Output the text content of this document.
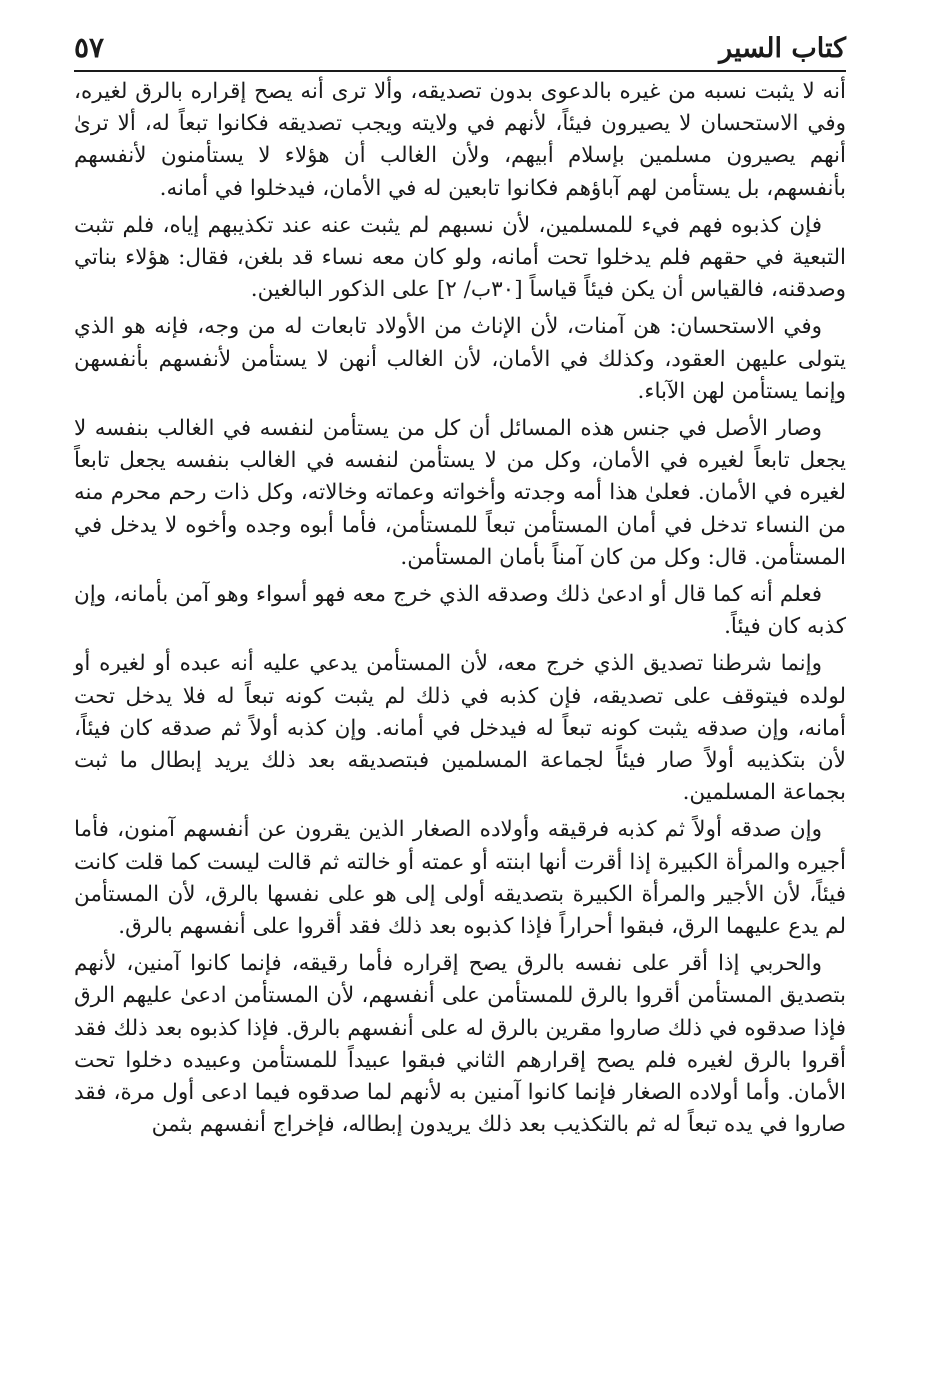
كتاب السير
٥٧

أنه لا يثبت نسبه من غيره بالدعوى بدون تصديقه، وألا ترى أنه يصح إقراره بالرق لغيره، وفي الاستحسان لا يصيرون فيئاً، لأنهم في ولايته ويجب تصديقه فكانوا تبعاً له، ألا ترىٰ أنهم يصيرون مسلمين بإسلام أبيهم، ولأن الغالب أن هؤلاء لا يستأمنون لأنفسهم بأنفسهم، بل يستأمن لهم آباؤهم فكانوا تابعين له في الأمان، فيدخلوا في أمانه.

فإن كذبوه فهم فيء للمسلمين، لأن نسبهم لم يثبت عنه عند تكذيبهم إياه، فلم تثبت التبعية في حقهم فلم يدخلوا تحت أمانه، ولو كان معه نساء قد بلغن، فقال: هؤلاء بناتي وصدقنه، فالقياس أن يكن فيئاً قياساً [٣٠ب/ ٢] على الذكور البالغين.

وفي الاستحسان: هن آمنات، لأن الإناث من الأولاد تابعات له من وجه، فإنه هو الذي يتولى عليهن العقود، وكذلك في الأمان، لأن الغالب أنهن لا يستأمن لأنفسهم بأنفسهن وإنما يستأمن لهن الآباء.

وصار الأصل في جنس هذه المسائل أن كل من يستأمن لنفسه في الغالب بنفسه لا يجعل تابعاً لغيره في الأمان، وكل من لا يستأمن لنفسه في الغالب بنفسه يجعل تابعاً لغيره في الأمان. فعلىٰ هذا أمه وجدته وأخواته وعماته وخالاته، وكل ذات رحم محرم منه من النساء تدخل في أمان المستأمن تبعاً للمستأمن، فأما أبوه وجده وأخوه لا يدخل في المستأمن. قال: وكل من كان آمناً بأمان المستأمن.

فعلم أنه كما قال أو ادعىٰ ذلك وصدقه الذي خرج معه فهو أسواء وهو آمن بأمانه، وإن كذبه كان فيئاً.

وإنما شرطنا تصديق الذي خرج معه، لأن المستأمن يدعي عليه أنه عبده أو لغيره أو لولده فيتوقف على تصديقه، فإن كذبه في ذلك لم يثبت كونه تبعاً له فلا يدخل تحت أمانه، وإن صدقه يثبت كونه تبعاً له فيدخل في أمانه. وإن كذبه أولاً ثم صدقه كان فيئاً، لأن بتكذيبه أولاً صار فيئاً لجماعة المسلمين فبتصديقه بعد ذلك يريد إبطال ما ثبت بجماعة المسلمين.

وإن صدقه أولاً ثم كذبه فرقيقه وأولاده الصغار الذين يقرون عن أنفسهم آمنون، فأما أجيره والمرأة الكبيرة إذا أقرت أنها ابنته أو عمته أو خالته ثم قالت ليست كما قلت كانت فيئاً، لأن الأجير والمرأة الكبيرة بتصديقه أولى إلى هو على نفسها بالرق، لأن المستأمن لم يدع عليهما الرق، فبقوا أحراراً فإذا كذبوه بعد ذلك فقد أقروا على أنفسهم بالرق.

والحربي إذا أقر على نفسه بالرق يصح إقراره فأما رقيقه، فإنما كانوا آمنين، لأنهم بتصديق المستأمن أقروا بالرق للمستأمن على أنفسهم، لأن المستأمن ادعىٰ عليهم الرق فإذا صدقوه في ذلك صاروا مقرين بالرق له على أنفسهم بالرق. فإذا كذبوه بعد ذلك فقد أقروا بالرق لغيره فلم يصح إقرارهم الثاني فبقوا عبيداً للمستأمن وعبيده دخلوا تحت الأمان. وأما أولاده الصغار فإنما كانوا آمنين به لأنهم لما صدقوه فيما ادعى أول مرة، فقد صاروا في يده تبعاً له ثم بالتكذيب بعد ذلك يريدون إبطاله، فإخراج أنفسهم بثمن
